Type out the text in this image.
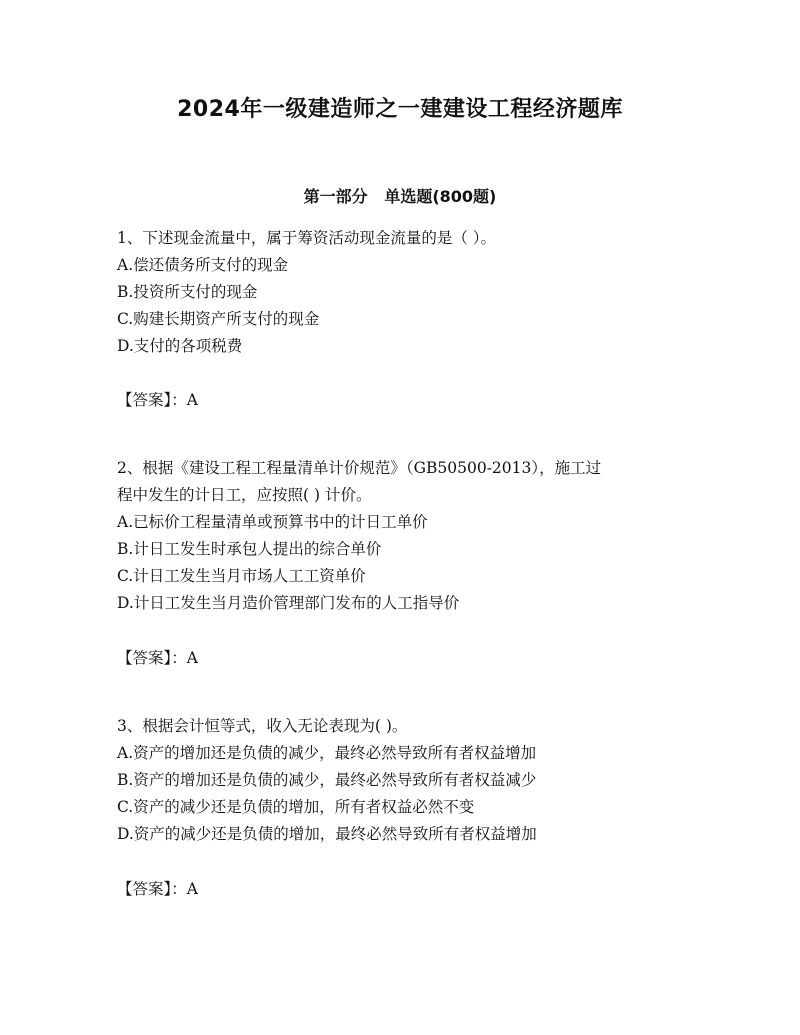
2024年一级建造师之一建建设工程经济题库
第一部分   单选题(800题)
1、下述现金流量中，属于筹资活动现金流量的是（ ）。
A.偿还债务所支付的现金
B.投资所支付的现金
C.购建长期资产所支付的现金
D.支付的各项税费
【答案】：A
2、根据《建设工程工程量清单计价规范》（GB50500-2013），施工过
程中发生的计日工，应按照( ) 计价。
A.已标价工程量清单或预算书中的计日工单价
B.计日工发生时承包人提出的综合单价
C.计日工发生当月市场人工工资单价
D.计日工发生当月造价管理部门发布的人工指导价
【答案】：A
3、根据会计恒等式，收入无论表现为( )。
A.资产的增加还是负债的减少，最终必然导致所有者权益增加
B.资产的增加还是负债的减少，最终必然导致所有者权益减少
C.资产的减少还是负债的增加，所有者权益必然不变
D.资产的减少还是负债的增加，最终必然导致所有者权益增加
【答案】：A
